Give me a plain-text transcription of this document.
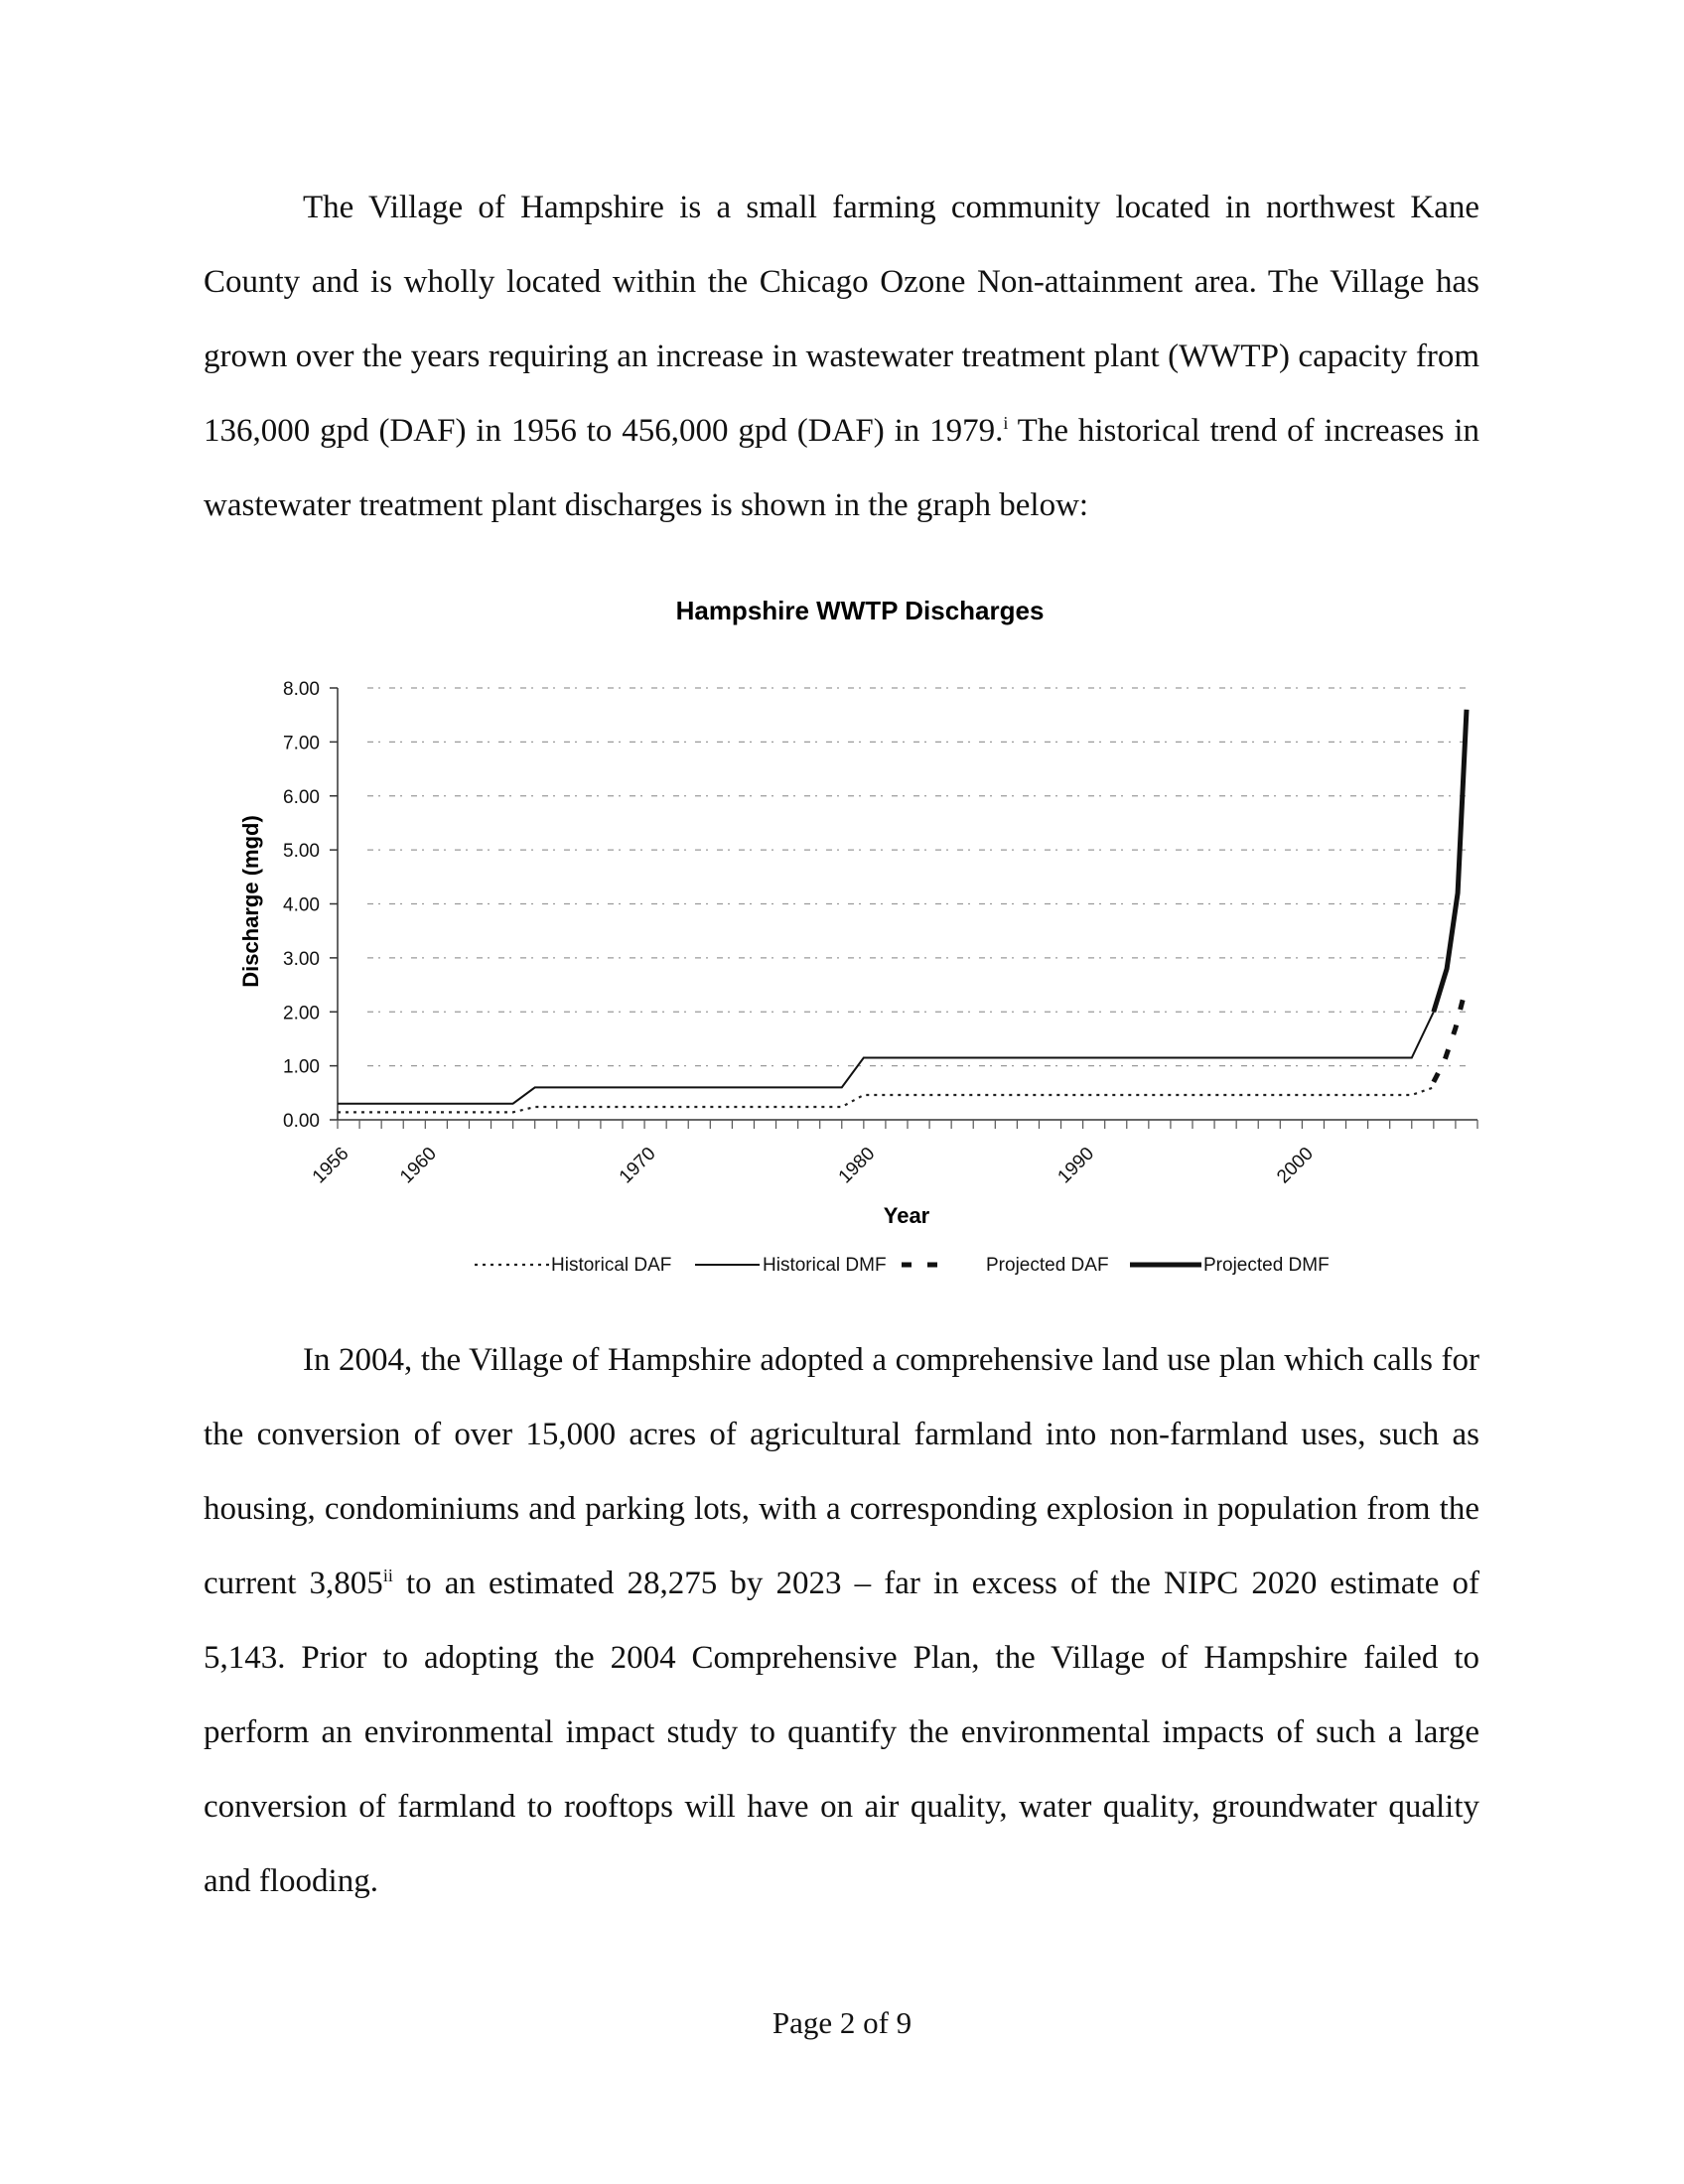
The Village of Hampshire is a small farming community located in northwest Kane County and is wholly located within the Chicago Ozone Non-attainment area. The Village has grown over the years requiring an increase in wastewater treatment plant (WWTP) capacity from 136,000 gpd (DAF) in 1956 to 456,000 gpd (DAF) in 1979.$^i$ The historical trend of increases in wastewater treatment plant discharges is shown in the graph below:

Hampshire WWTP Discharges
0.00
1.00
2.00
3.00
4.00
5.00
6.00
7.00
8.00
1956 1960	1970	1980	1990	2000
Year
Discharge (mgd)
Historical DAF	Historical DMF	Projected DAF	Projected DMF

In 2004, the Village of Hampshire adopted a comprehensive land use plan which calls for the conversion of over 15,000 acres of agricultural farmland into non-farmland uses, such as housing, condominiums and parking lots, with a corresponding explosion in population from the current 3,805$^{ii}$ to an estimated 28,275 by 2023 – far in excess of the NIPC 2020 estimate of 5,143. Prior to adopting the 2004 Comprehensive Plan, the Village of Hampshire failed to perform an environmental impact study to quantify the environmental impacts of such a large conversion of farmland to rooftops will have on air quality, water quality, groundwater quality and flooding.

Page 2 of 9
